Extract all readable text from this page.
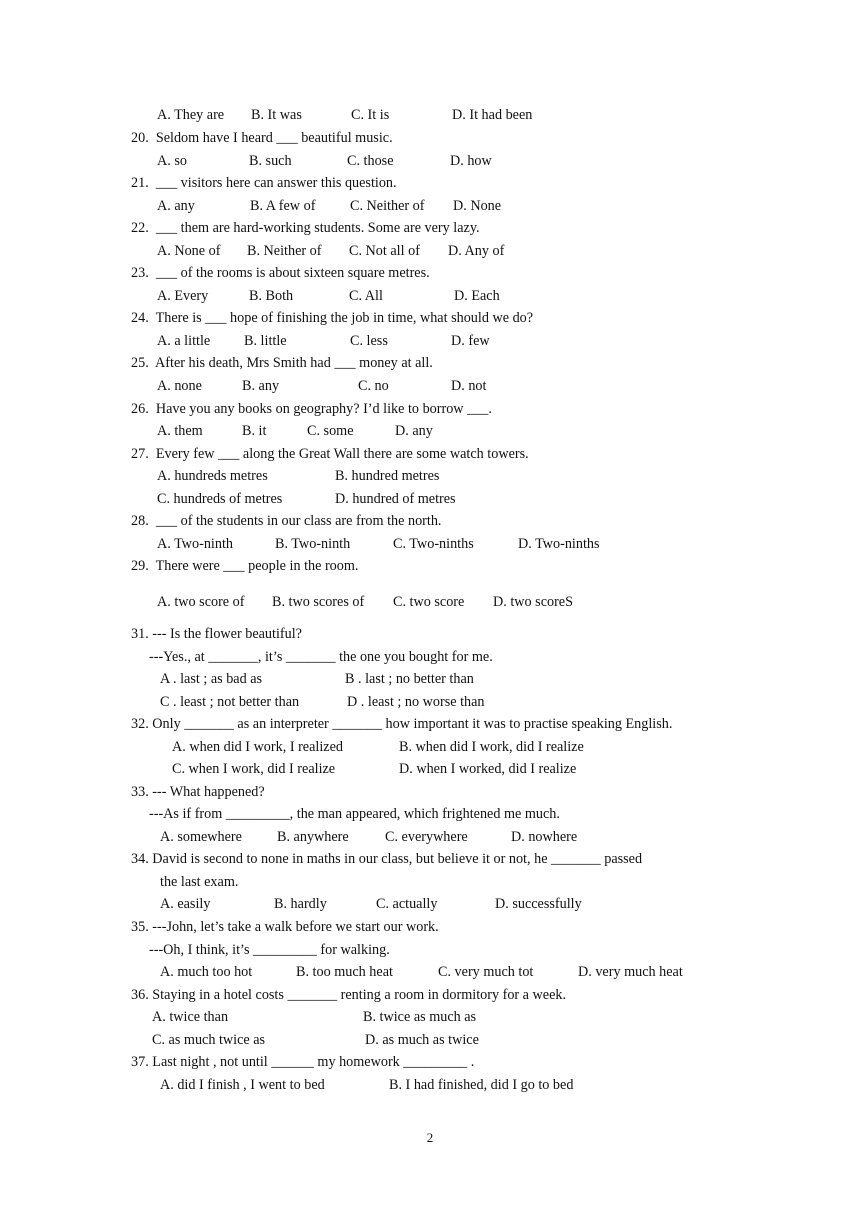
A. They are B. It was	C. It is	D. It had been
20.  Seldom have I heard ___ beautiful music.
A. so	B. such	C. those	D. how
21.  ___ visitors here can answer this question.
A. any	B. A few of C. Neither of D. None
22.  ___ them are hard-working students. Some are very lazy.
A. None of B. Neither of C. Not all of D. Any of
23.  ___ of the rooms is about sixteen square metres.
A. Every	B. Both	C. All	D. Each
24.  There is ___ hope of finishing the job in time, what should we do?
A. a little B. little	C. less	D. few
25.  After his death, Mrs Smith had ___ money at all.
A. none	B. any	C. no	D. not
26.  Have you any books on geography? I’d like to borrow ___.
A. them	B. it	C. some	D. any
27.  Every few ___ along the Great Wall there are some watch towers.
A. hundreds metres	B. hundred metres
C. hundreds of metres	D. hundred of metres
28.  ___ of the students in our class are from the north.
A. Two-ninth	B. Two-ninth	C. Two-ninths	D. Two-ninths
29.  There were ___ people in the room.
A. two score of B. two scores of C. two score D. two scoreS
31. --- Is the flower beautiful?
---Yes., at _______, it’s _______ the one you bought for me.
A . last ; as bad as	B . last ; no better than
C . least ; not better than	D . least ; no worse than
32. Only _______ as an interpreter _______ how important it was to practise speaking English.
A. when did I work, I realized	B. when did I work, did I realize
C. when I work, did I realize	D. when I worked, did I realize
33. --- What happened?
---As if from _________, the man appeared, which frightened me much.
A. somewhere B. anywhere	C. everywhere	D. nowhere
34. David is second to none in maths in our class, but believe it or not, he _______ passed
the last exam.
A. easily	B. hardly	C. actually	D. successfully
35. ---John, let’s take a walk before we start our work.
---Oh, I think, it’s _________ for walking.
A. much too hot	B. too much heat	C. very much tot	D. very much heat
36. Staying in a hotel costs _______ renting a room in dormitory for a week.
A. twice than	B. twice as much as
C. as much twice as	D. as much as twice
37. Last night , not until ______ my homework _________ .
A. did I finish , I went to bed	B. I had finished, did I go to bed
2
